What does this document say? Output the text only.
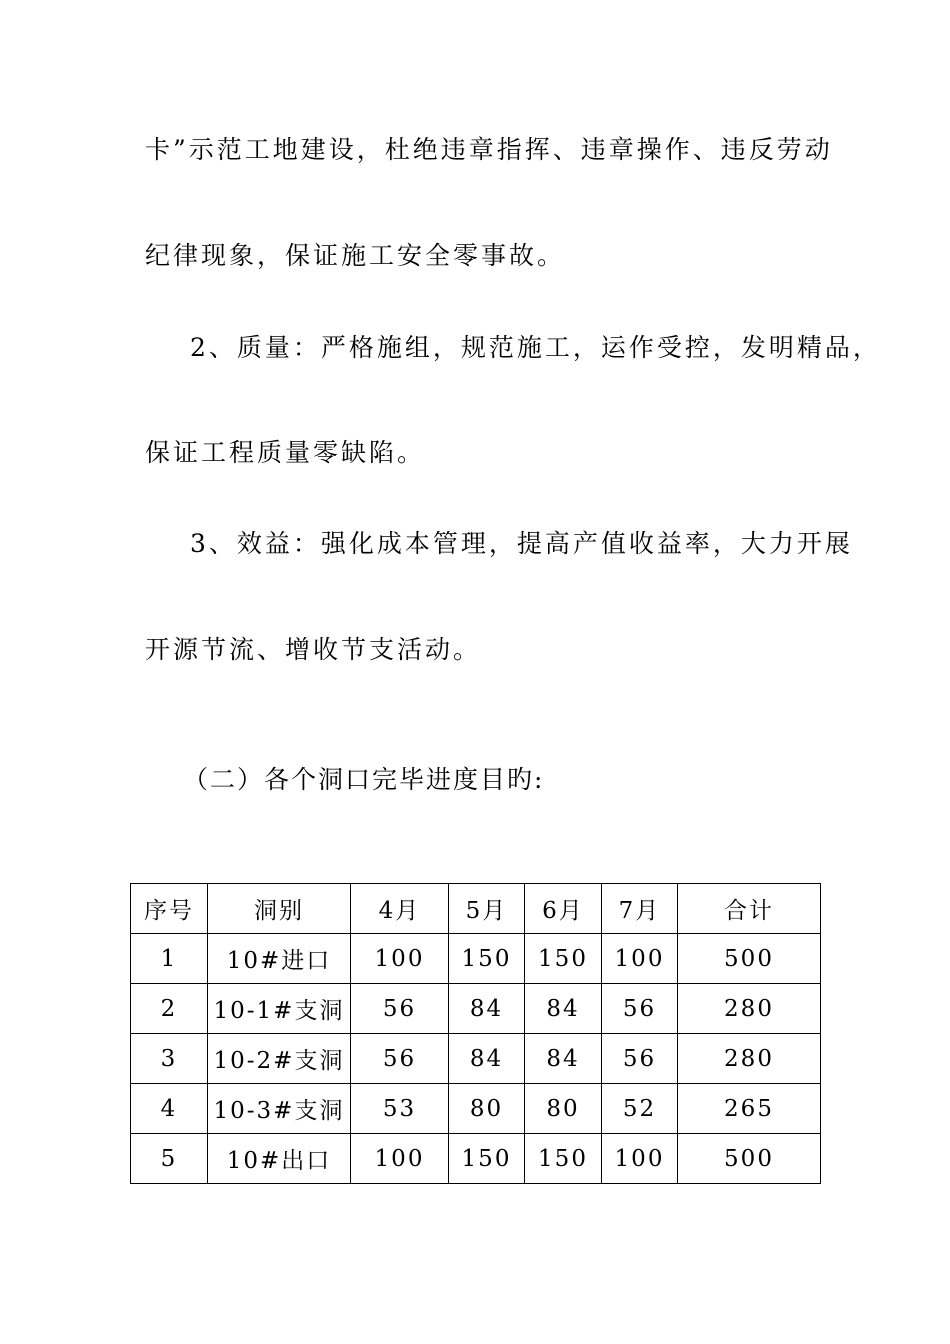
卡”示范工地建设，杜绝违章指挥、违章操作、违反劳动

纪律现象，保证施工安全零事故。

2、质量：严格施组，规范施工，运作受控，发明精品，

保证工程质量零缺陷。

3、效益：强化成本管理，提高产值收益率，大力开展

开源节流、增收节支活动。

（二）各个洞口完毕进度目旳:
序号	洞别	4月	5月	6月	7月	合计
1	10#进口	100	150	150	100	500
2	10-1#支洞	56	84	84	56	280
3	10-2#支洞	56	84	84	56	280
4	10-3#支洞	53	80	80	52	265
5	10#出口	100	150	150	100	500
